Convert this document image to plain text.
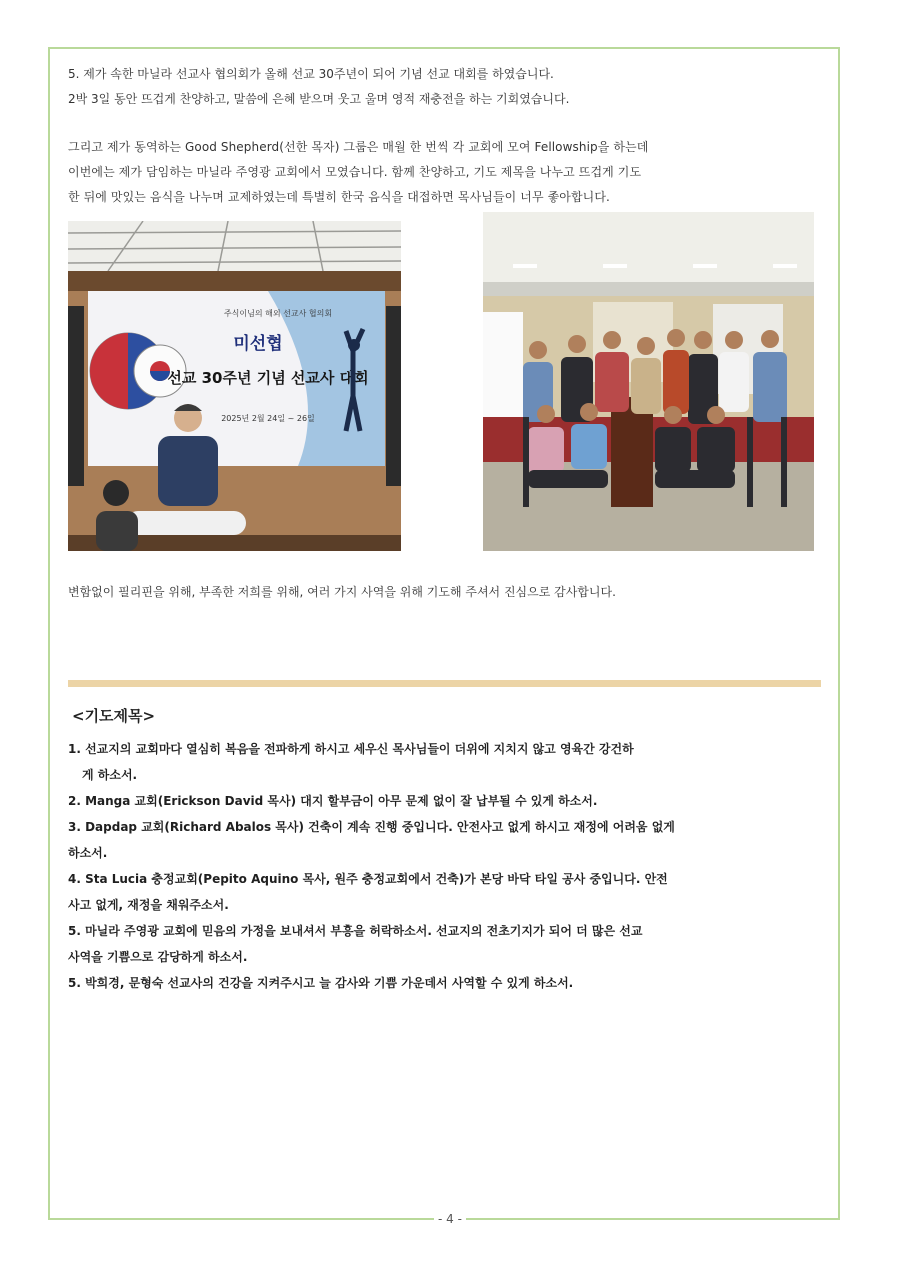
5. 제가 속한 마닐라 선교사 협의회가 올해 선교 30주년이 되어 기념 선교 대회를 하였습니다.

2박 3일 동안 뜨겁게 찬양하고, 말씀에 은혜 받으며 웃고 울며 영적 재충전을 하는 기회였습니다.

그리고 제가 동역하는 Good Shepherd(선한 목자) 그룹은 매월 한 번씩 각 교회에 모여 Fellowship을 하는데

이번에는 제가 담임하는 마닐라 주영광 교회에서 모였습니다. 함께 찬양하고, 기도 제목을 나누고 뜨겁게 기도

한 뒤에 맛있는 음식을 나누며 교제하였는데 특별히 한국 음식을 대접하면 목사님들이 너무 좋아합니다.

주식이님의 해외 선교사 협의회
미선협
선교 30주년 기념 선교사 대회
2025년 2월 24일 ~ 26일
변함없이 필리핀을 위해, 부족한 저희를 위해, 여러 가지 사역을 위해 기도해 주셔서 진심으로 감사합니다.
<기도제목>
1. 선교지의 교회마다 열심히 복음을 전파하게 하시고 세우신 목사님들이 더위에 지치지 않고 영육간 강건하
게 하소서.
2. Manga 교회(Erickson David 목사) 대지 할부금이 아무 문제 없이 잘 납부될 수 있게 하소서.
3. Dapdap 교회(Richard Abalos 목사) 건축이 계속 진행 중입니다. 안전사고 없게 하시고 재정에 어려움 없게
하소서.
4. Sta Lucia 충정교회(Pepito Aquino 목사, 원주 충정교회에서 건축)가 본당 바닥 타일 공사 중입니다. 안전
사고 없게, 재정을 채워주소서.
5. 마닐라 주영광 교회에 믿음의 가정을 보내셔서 부흥을 허락하소서. 선교지의 전초기지가 되어 더 많은 선교
사역을 기쁨으로 감당하게 하소서.
5. 박희경, 문형숙 선교사의 건강을 지켜주시고 늘 감사와 기쁨 가운데서 사역할 수 있게 하소서.
- 4 -
